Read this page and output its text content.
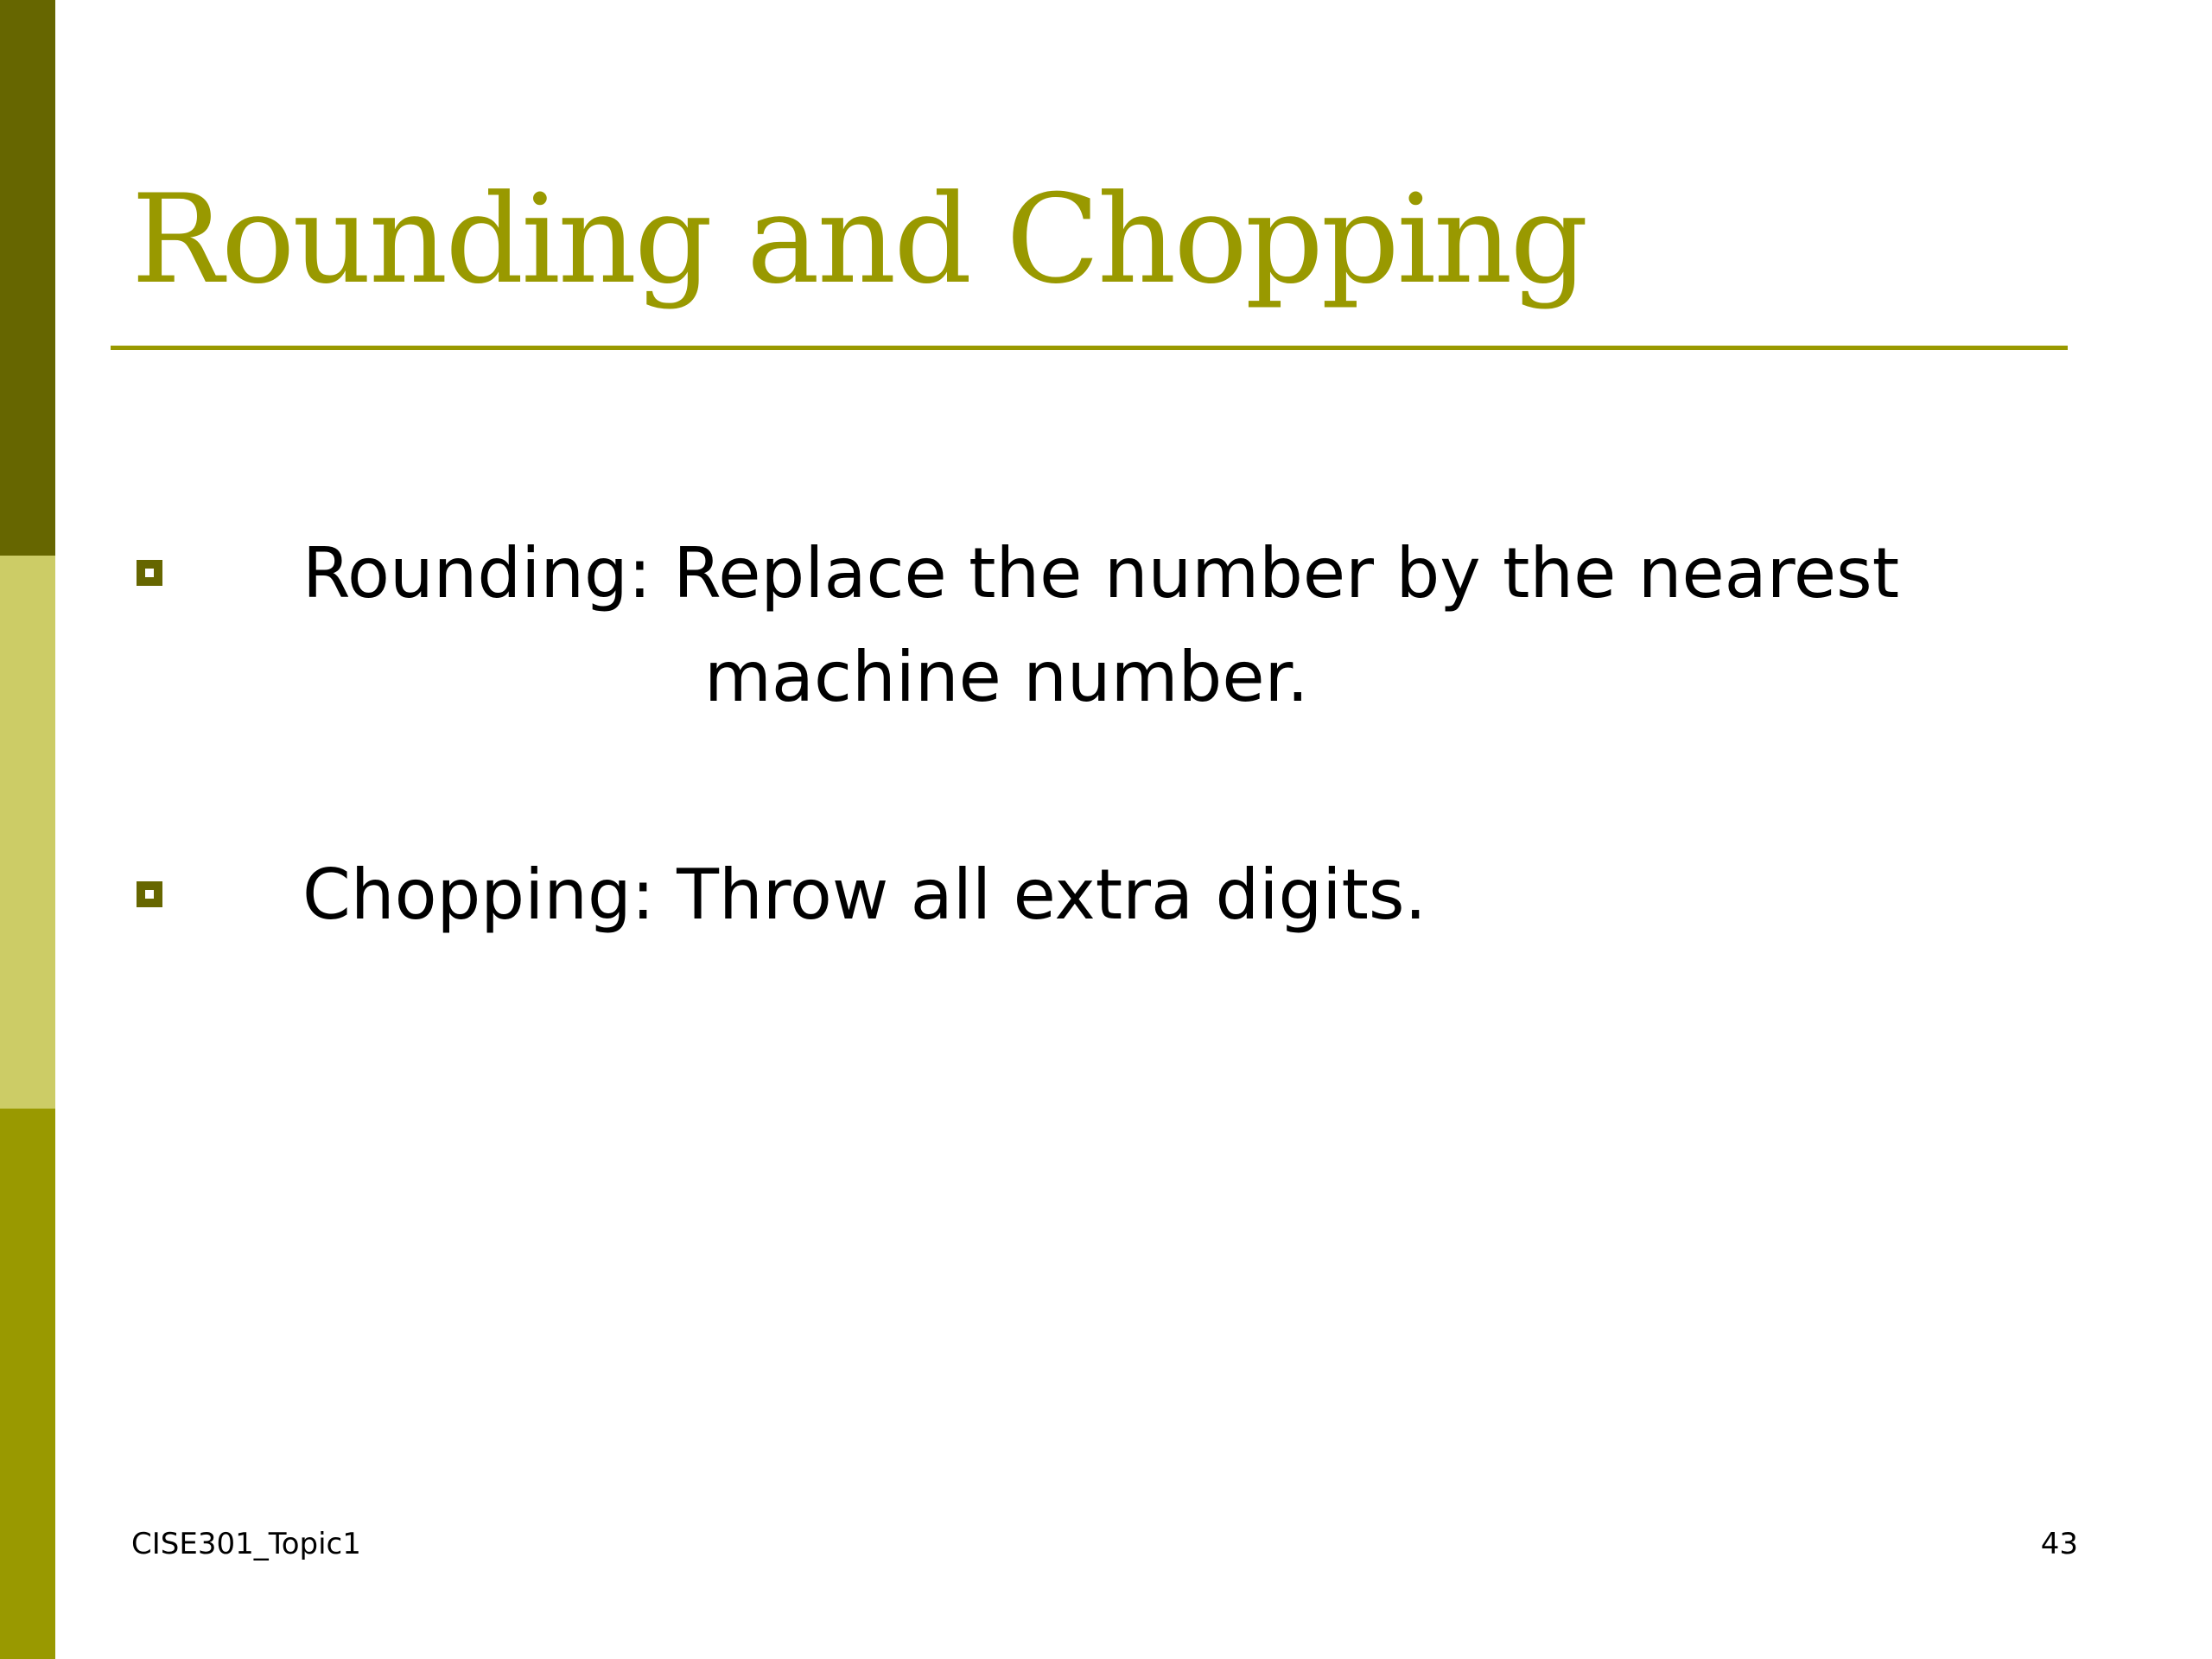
Rounding and Chopping
Rounding: Replace the number by the nearest
machine number.
Chopping: Throw all extra digits.
CISE301_Topic1	43
